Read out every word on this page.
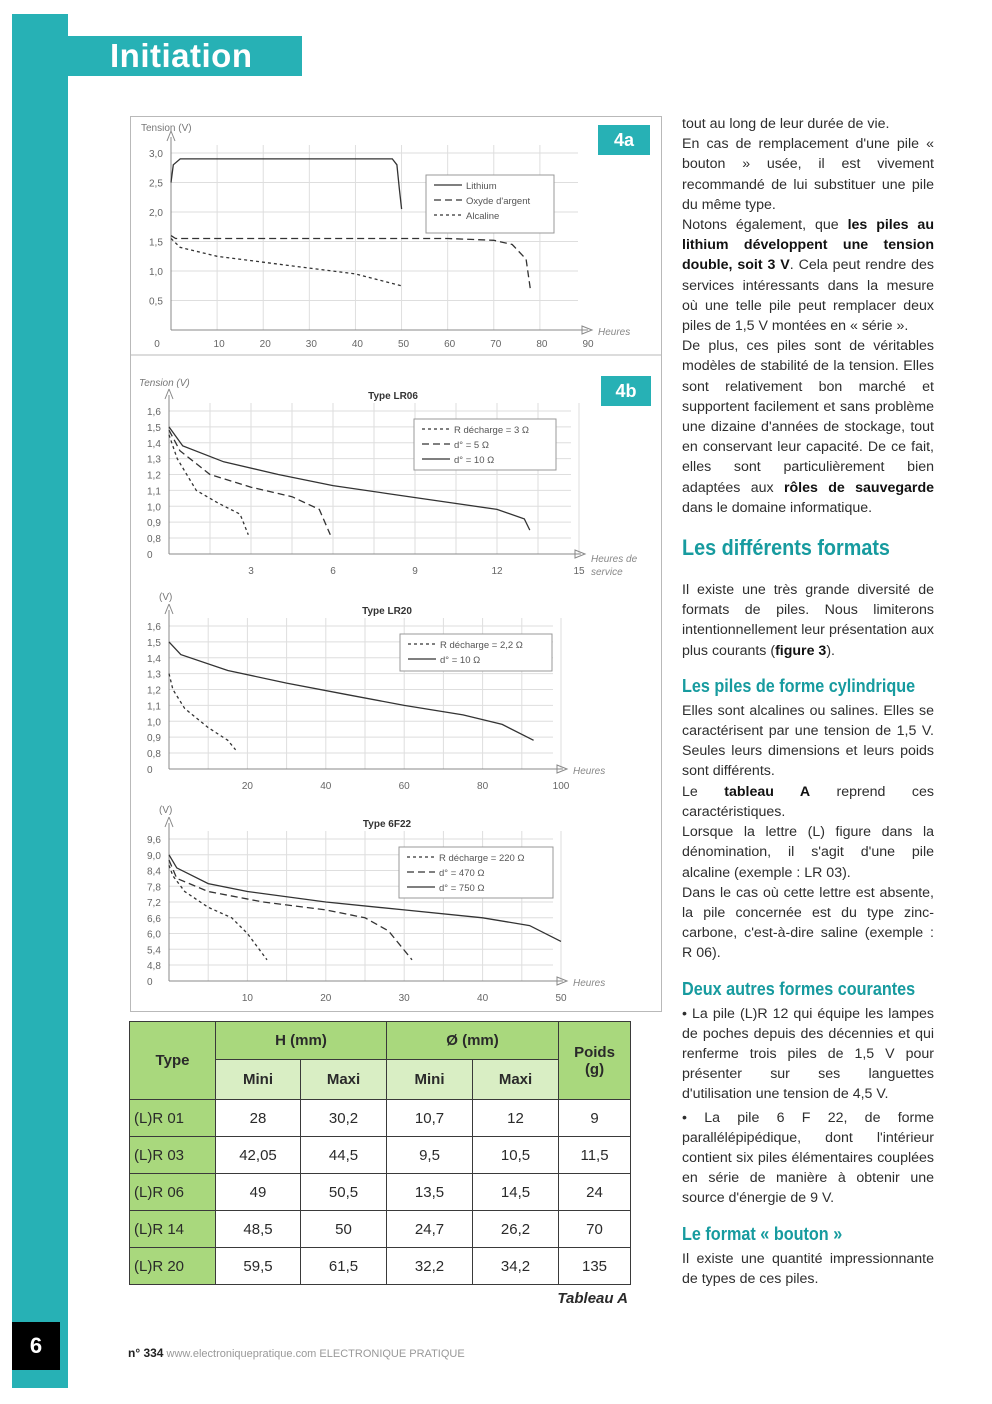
Initiation
6
Tension (V)
Heures
3,0
2,5
2,0
1,5
1,0
0,5
0	10	20	30	40	50	60	70	80	90
4a
Lithium
Oxyde d'argent
Alcaline
Tension (V)
Heures de
service
1,6
1,5
1,4
1,3
1,2
1,1
1,0
0,9
0,8
0
3	6	9	12	15
Type LR06	4b
R décharge = 3 Ω
d° = 5 Ω
d° = 10 Ω
(V)
Heures
1,6
1,5
1,4
1,3
1,2
1,1
1,0
0,9
0,8
0
20	40	60	80	100
Type LR20
R décharge = 2,2 Ω
d° = 10 Ω
(V)
Heures
9,6
9,0
8,4
7,8
7,2
6,6
6,0
5,4
4,8
0
10	20	30	40	50
Type 6F22
R décharge = 220 Ω
d° = 470 Ω
d° = 750 Ω
Type	H (mm)		Ø (mm)		Poids (g)
	Mini	Maxi	Mini	Maxi	
(L)R 01	28	30,2	10,7	12	9
(L)R 03	42,05	44,5	9,5	10,5	11,5
(L)R 06	49	50,5	13,5	14,5	24
(L)R 14	48,5	50	24,7	26,2	70
(L)R 20	59,5	61,5	32,2	34,2	135
Tableau A

tout au long de leur durée de vie.

En cas de remplacement d'une pile « bouton » usée, il est vivement recommandé de lui substituer une pile du même type.

Notons également, que les piles au lithium développent une tension double, soit 3 V. Cela peut rendre des services intéressants dans la mesure où une telle pile peut remplacer deux piles de 1,5 V montées en « série ».

De plus, ces piles sont de véritables modèles de stabilité de la tension. Elles sont relativement bon marché et supportent facilement et sans problème une dizaine d'années de stockage, tout en conservant leur capacité. De ce fait, elles sont particulièrement bien adaptées aux rôles de sauvegarde dans le domaine informatique.

Les différents formats

Il existe une très grande diversité de formats de piles. Nous limiterons intentionnellement leur présentation aux plus courants (figure 3).

Les piles de forme cylindrique

Elles sont alcalines ou salines. Elles se caractérisent par une tension de 1,5 V. Seules leurs dimensions et leurs poids sont différents.

Le tableau A reprend ces caractéristiques.

Lorsque la lettre (L) figure dans la dénomination, il s'agit d'une pile alcaline (exemple : LR 03).

Dans le cas où cette lettre est absente, la pile concernée est du type zinc-carbone, c'est-à-dire saline (exemple : R 06).

Deux autres formes courantes

• La pile (L)R 12 qui équipe les lampes de poches depuis des décennies et qui renferme trois piles de 1,5 V pour présenter sur ses languettes d'utilisation une tension de 4,5 V.

• La pile 6 F 22, de forme parallélépipédique, dont l'intérieur contient six piles élémentaires couplées en série de manière à obtenir une source d'énergie de 9 V.

Le format « bouton »

Il existe une quantité impressionnante de types de ces piles.

n° 334 www.electroniquepratique.com ELECTRONIQUE PRATIQUE
